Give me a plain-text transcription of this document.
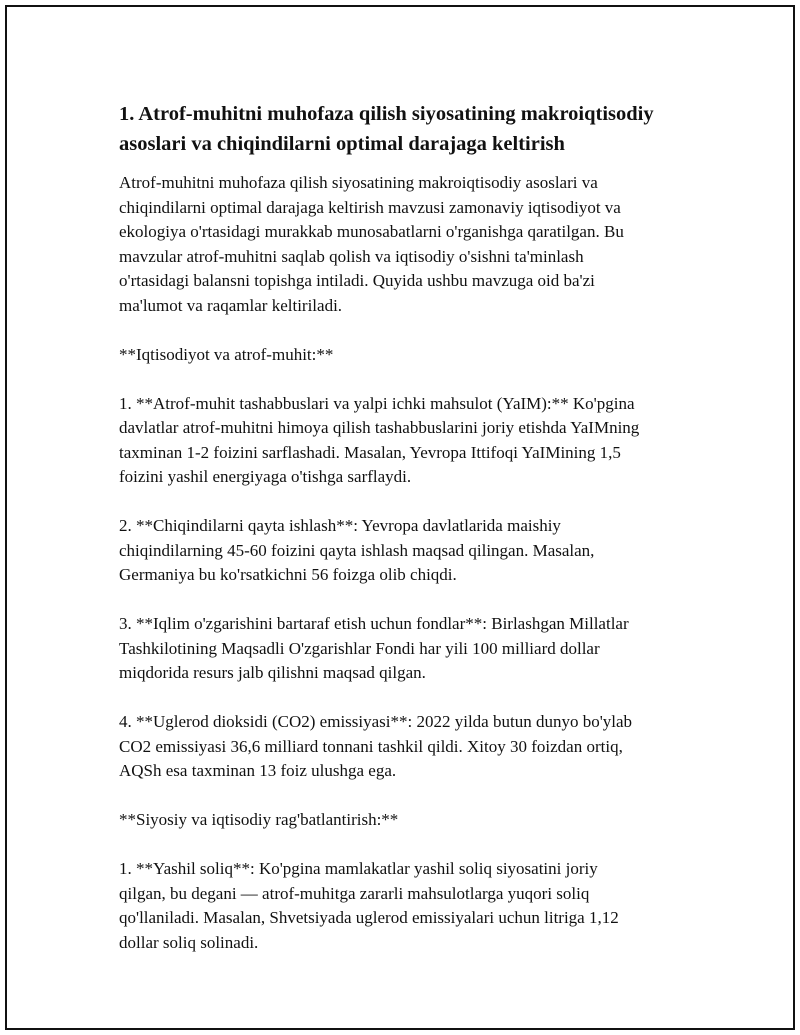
1. Atrof-muhitni muhofaza qilish siyosatining makroiqtisodiy
asoslari va chiqindilarni optimal darajaga keltirish

Atrof-muhitni muhofaza qilish siyosatining makroiqtisodiy asoslari va
chiqindilarni optimal darajaga keltirish mavzusi zamonaviy iqtisodiyot va
ekologiya o'rtasidagi murakkab munosabatlarni o'rganishga qaratilgan. Bu
mavzular atrof-muhitni saqlab qolish va iqtisodiy o'sishni ta'minlash
o'rtasidagi balansni topishga intiladi. Quyida ushbu mavzuga oid ba'zi
ma'lumot va raqamlar keltiriladi.

**Iqtisodiyot va atrof-muhit:**

1. **Atrof-muhit tashabbuslari va yalpi ichki mahsulot (YaIM):** Ko'pgina
davlatlar atrof-muhitni himoya qilish tashabbuslarini joriy etishda YaIMning
taxminan 1-2 foizini sarflashadi. Masalan, Yevropa Ittifoqi YaIMining 1,5
foizini yashil energiyaga o'tishga sarflaydi.

2. **Chiqindilarni qayta ishlash**: Yevropa davlatlarida maishiy
chiqindilarning 45-60 foizini qayta ishlash maqsad qilingan. Masalan,
Germaniya bu ko'rsatkichni 56 foizga olib chiqdi.

3. **Iqlim o'zgarishini bartaraf etish uchun fondlar**: Birlashgan Millatlar
Tashkilotining Maqsadli O'zgarishlar Fondi har yili 100 milliard dollar
miqdorida resurs jalb qilishni maqsad qilgan.

4. **Uglerod dioksidi (CO2) emissiyasi**: 2022 yilda butun dunyo bo'ylab
CO2 emissiyasi 36,6 milliard tonnani tashkil qildi. Xitoy 30 foizdan ortiq,
AQSh esa taxminan 13 foiz ulushga ega.

**Siyosiy va iqtisodiy rag'batlantirish:**

1. **Yashil soliq**: Ko'pgina mamlakatlar yashil soliq siyosatini joriy
qilgan, bu degani — atrof-muhitga zararli mahsulotlarga yuqori soliq
qo'llaniladi. Masalan, Shvetsiyada uglerod emissiyalari uchun litriga 1,12
dollar soliq solinadi.
